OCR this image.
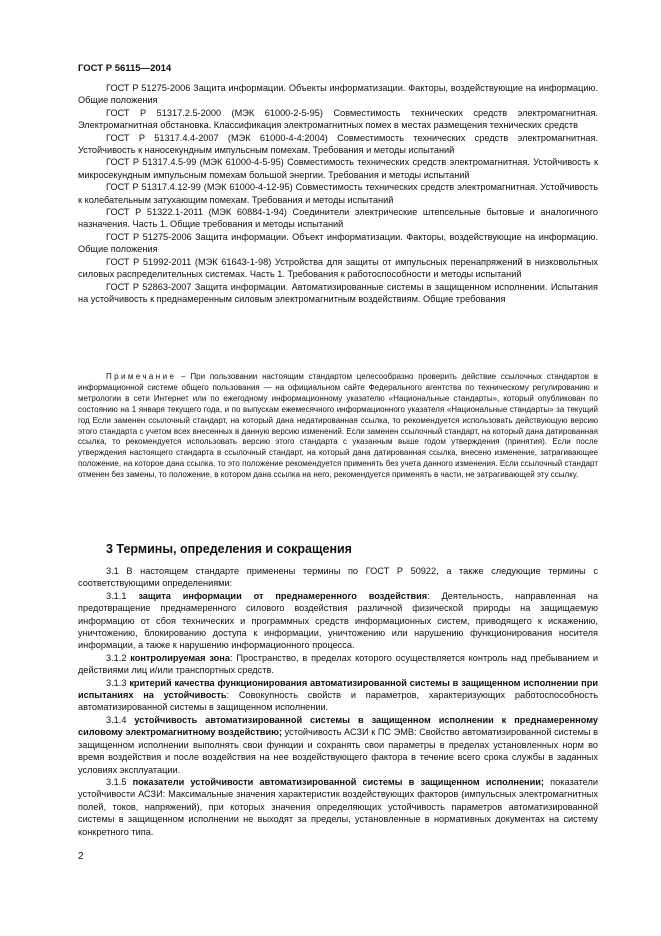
ГОСТ Р 56115—2014

ГОСТ Р 51275-2006 Защита информации. Объекты информатизации. Факторы, воздействующие на информацию. Общие положения

ГОСТ Р 51317.2.5-2000 (МЭК 61000-2-5-95) Совместимость технических средств электромагнитная. Электромагнитная обстановка. Классификация электромагнитных помех в местах размещения технических средств

ГОСТ Р 51317.4.4-2007 (МЭК 61000-4-4:2004) Совместимость технических средств электромагнитная. Устойчивость к наносекундным импульсным помехам. Требования и методы испытаний

ГОСТ Р 51317.4.5-99 (МЭК 61000-4-5-95) Совместимость технических средств электромагнитная. Устойчивость к микросекундным импульсным помехам большой энергии. Требования и методы испытаний

ГОСТ Р 51317.4.12-99 (МЭК 61000-4-12-95) Совместимость технических средств электромагнитная. Устойчивость к колебательным затухающим помехам. Требования и методы испытаний

ГОСТ Р 51322.1-2011 (МЭК 60884-1-94) Соединители электрические штепсельные бытовые и аналогичного назначения. Часть 1. Общие требования и методы испытаний

ГОСТ Р 51275-2006 Защита информации. Объект информатизации. Факторы, воздействующие на информацию. Общие положения

ГОСТ Р 51992-2011 (МЭК 61643-1-98) Устройства для защиты от импульсных перенапряжений в низковольтных силовых распределительных системах. Часть 1. Требования к работоспособности и методы испытаний

ГОСТ Р 52863-2007 Защита информации. Автоматизированные системы в защищенном исполнении. Испытания на устойчивость к преднамеренным силовым электромагнитным воздействиям. Общие требования

Примечание – При пользовании настоящим стандартом целесообразно проверить действие ссылочных стандартов в информационной системе общего пользования — на официальном сайте Федерального агентства по техническому регулированию и метрологии в сети Интернет или по ежегодному информационному указателю «Национальные стандарты», который опубликован по состоянию на 1 января текущего года, и по выпускам ежемесячного информационного указателя «Национальные стандарты» за текущий год Если заменен ссылочный стандарт, на который дана недатированная ссылка, то рекомендуется использовать действующую версию этого стандарта с учетом всех внесенных в данную версию изменений. Если заменен ссылочный стандарт, на который дана датированная ссылка, то рекомендуется использовать версию этого стандарта с указанным выше годом утверждения (принятия). Если после утверждения настоящего стандарта в ссылочный стандарт, на который дана датированная ссылка, внесено изменение, затрагивающее положение, на которое дана ссылка, то это положение рекомендуется применять без учета данного изменения. Если ссылочный стандарт отменен без замены, то положение, в котором дана ссылка на него, рекомендуется применять в части, не затрагивающей эту ссылку.

3 Термины, определения и сокращения

3.1 В настоящем стандарте применены термины по ГОСТ Р 50922, а также следующие термины с соответствующими определениями:

3.1.1 защита информации от преднамеренного воздействия: Деятельность, направленная на предотвращение преднамеренного силового воздействия различной физической природы на защищаемую информацию от сбоя технических и программных средств информационных систем, приводящего к искажению, уничтожению, блокированию доступа к информации, уничтожению или нарушению функционирования носителя информации, а также к нарушению информационного процесса.

3.1.2 контролируемая зона: Пространство, в пределах которого осуществляется контроль над пребыванием и действиями лиц и/или транспортных средств.

3.1.3 критерий качества функционирования автоматизированной системы в защищенном исполнении при испытаниях на устойчивость: Совокупность свойств и параметров, характеризующих работоспособность автоматизированной системы в защищенном исполнении.

3.1.4 устойчивость автоматизированной системы в защищенном исполнении к преднамеренному силовому электромагнитному воздействию; устойчивость АСЗИ к ПС ЭМВ: Свойство автоматизированной системы в защищенном исполнении выполнять свои функции и сохранять свои параметры в пределах установленных норм во время воздействия и после воздействия на нее воздействующего фактора в течение всего срока службы в заданных условиях эксплуатации.

3.1.5 показатели устойчивости автоматизированной системы в защищенном исполнении; показатели устойчивости АСЗИ: Максимальные значения характеристик воздействующих факторов (импульсных электромагнитных полей, токов, напряжений), при которых значения определяющих устойчивость параметров автоматизированной системы в защищенном исполнении не выходят за пределы, установленные в нормативных документах на систему конкретного типа.

2
